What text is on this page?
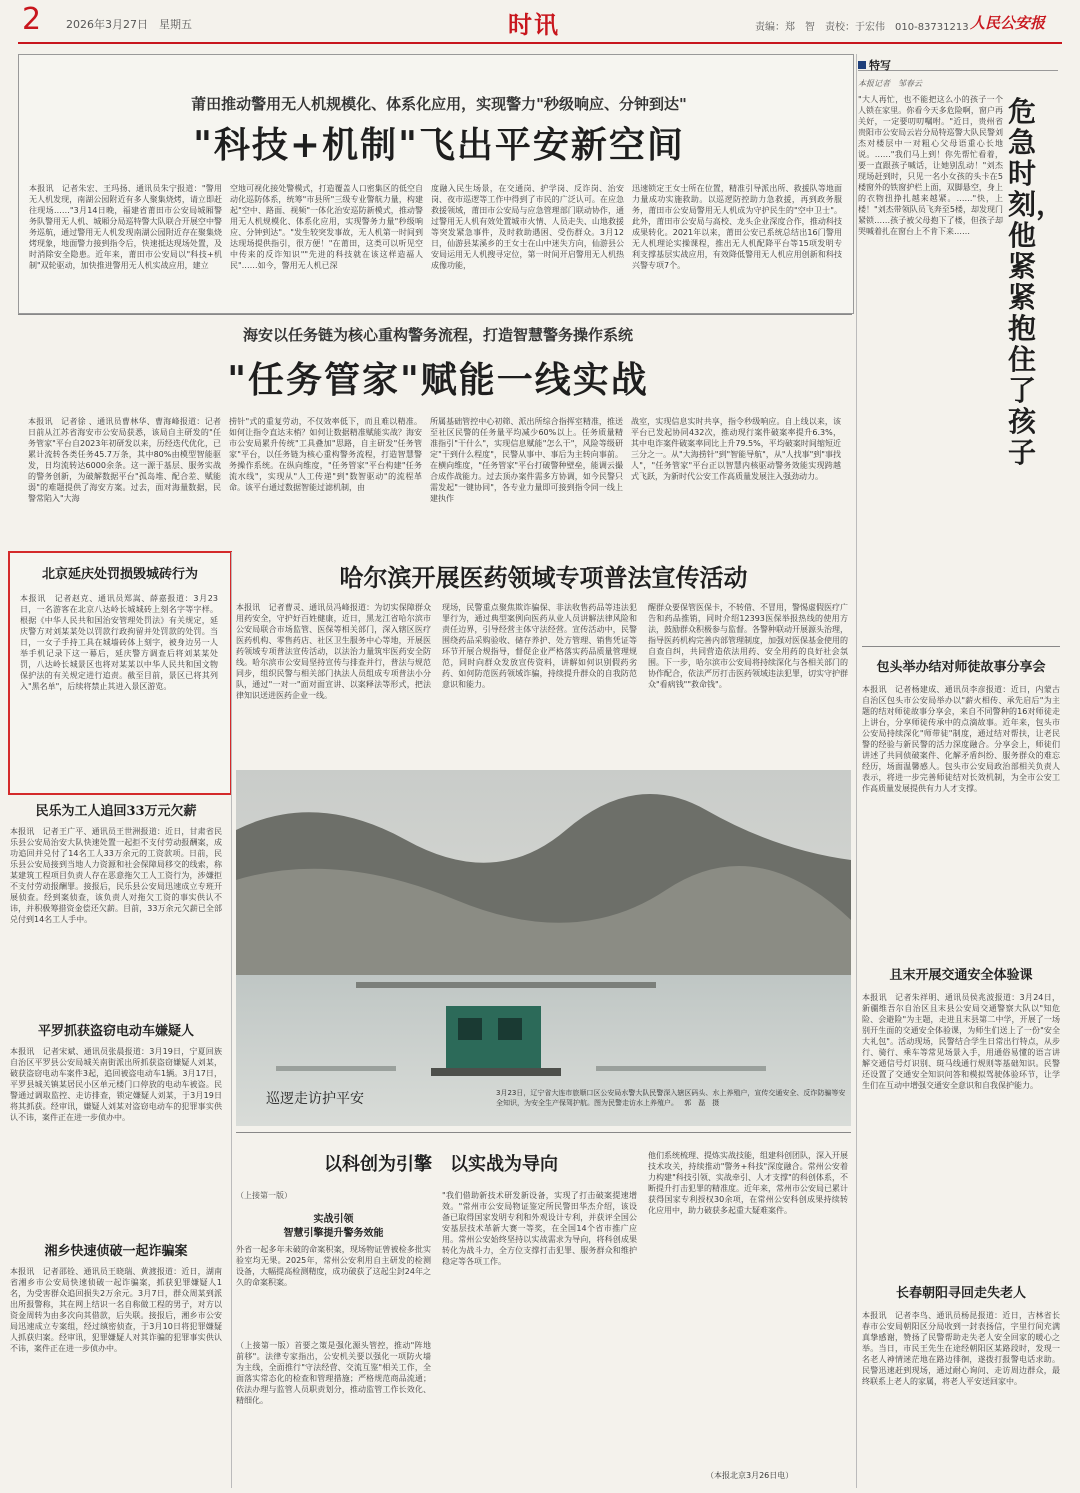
2 2026年3月27日　星期五	时讯	责编：郑　智　责校：于宏伟　010-83731213 人民公安报
莆田推动警用无人机规模化、体系化应用，实现警力"秒级响应、分钟到达"
"科技+机制"飞出平安新空间
本报讯　记者朱宏、王玛扬、通讯员朱宁报道："警用无人机发现，南湖公园附近有多人聚集烧烤，请立即赶往现场……"3月14日晚，福建省莆田市公安局城厢警务队警用无人机、城厢分局巡特警大队联合开展空中警务巡航，通过警用无人机发现南湖公园附近存在聚集烧烤现象，地面警力接到指令后，快速抵达现场处置，及时消除安全隐患。近年来，莆田市公安局以"科技+机制"双轮驱动，加快推进警用无人机实战应用，建立
空地可视化接处警模式，打造覆盖人口密集区的低空自动化巡防体系，统筹"市县所"三级专业警航力量，构建起"空中、路面、视频"一体化治安巡防新模式，推动警用无人机规模化、体系化应用，实现警务力量"秒级响应、分钟到达"。"发生较突发事故，无人机第一时间到达现场提供指引，很方便！"在莆田，这类可以听见空中传来的反诈知识""先进的科技就在该这样造福人民"……如今，警用无人机已深
度融入民生场景，在交通岗、护学岗、反诈岗、治安岗、夜市巡逻等工作中得到了市民的广泛认可。在应急救援领域，莆田市公安局与应急管理部门联动协作，通过警用无人机有效处置城市火情、人员走失、山地救援等突发紧急事件，及时救助遇困、受伤群众。3月12日，仙游县某溪乡的王女士在山中迷失方向，仙游县公安局运用无人机搜寻定位，第一时间开启警用无人机热成像功能，
迅速锁定王女士所在位置，精准引导派出所、救援队等地面力量成功实施救助。以巡逻防控助力急救援，再到政务服务，莆田市公安局警用无人机成为守护民生的"空中卫士"。此外，莆田市公安局与高校、龙头企业深度合作，推动科技成果转化。2021年以来，莆田公安已系统总结出16门警用无人机理论实操课程，推出无人机配降平台等15项发明专利支撑基层实战应用，有效降低警用无人机应用创新和科技兴警专项7个。
海安以任务链为核心重构警务流程，打造智慧警务操作系统
"任务管家"赋能一线实战
本报讯　记者徐 、通讯员曹林华、曹海峰报道：记者日前从江苏省海安市公安局获悉，该局自主研发的"任务管家"平台自2023年初研发以来，历经迭代优化，已累计流转各类任务45.7万条，其中80%由模型智能驱发，日均流转达6000余条。这一源于基层、服务实战的警务创新，为破解数据平台"孤岛堆、配合差、赋能弱"的难题提供了海安方案。过去，面对海量数据，民警常陷入"大海
捞针"式的重复劳动，不仅效率低下，而且难以精准。如何让指令直达末梢？如何让数据精准赋能实战？海安市公安局累升传统"工具叠加"思路，自主研发"任务管家"平台，以任务链为核心重构警务流程，打造智慧警务操作系统。在纵向维度，"任务管家"平台构建"任务流水线"，实现从"人工传递"到"数智驱动"的流程革命。该平台通过数据智能过滤机制，由
所属基础管控中心初筛、派出所综合指挥室精准，推送至社区民警的任务量平均减少60%以上。任务质量精准指引"干什么"，实现信息赋能"怎么干"，风险等级研定"干到什么程度"，民警从事中、事后为主转向事前。在横向维度，"任务管家"平台打破警种壁垒，能调云撮合成作战能力。过去顶办案件需多方协调，如今民警只需发起"一键协同"，各专业力量即可接到指令同一线上建执作
战室，实现信息实时共享，指令秒级响应。自上线以来，该平台已发起协同432次，推动现行案件破案率提升6.3%，其中电诈案件破案率同比上升79.5%，平均破案时间缩短近三分之一。从"大海捞针"到"智能导航"，从"人找事"到"事找人"，"任务管家"平台正以智慧内核驱动警务效能实现跨越式飞跃，为新时代公安工作高质量发展注入强劲动力。
特写
本报记者　邹春云
"大人再忙，也不能把这么小的孩子一个人锁在家里。你看今天多危险啊，窗户再关好，一定要叨叨嘱咐。"近日，贵州省贵阳市公安局云岩分局特巡警大队民警刘杰对楼层中一对粗心父母语重心长地说。……"我们马上到！你先帮忙看着，要一直跟孩子喊话，让她别乱动！"刘杰现场赶到时，只见一名小女孩的头卡在5楼窗外的铁窗护栏上面，双脚悬空，身上的衣物扭挣扎越来越紧。……"快，上楼！"刘杰带领队员飞奔至5楼，却发现门紧锁……孩子被父母抱下了楼，但孩子却哭喊着扎在窗台上不肯下来……
危急时刻，他紧紧抱住了孩子
北京延庆处罚损毁城砖行为
本报讯　记者赵克、通讯员郑嵩、薛嘉报道：3月23日，一名游客在北京八达岭长城城砖上刻名字等字样。根据《中华人民共和国治安管理处罚法》有关规定，延庆警方对刘某某处以罚款行政拘留并处罚款的处罚。当日，一女子手持工具在城墙砖体上刻字，被身边另一人举手机记录下这一幕后，延庆警方调查后将刘某某处罚，八达岭长城景区也将对某某以中华人民共和国文物保护法的有关规定进行追责。截至目前，景区已将其列入"黑名单"，后续将禁止其进入景区游览。
民乐为工人追回33万元欠薪
本报讯　记者王广平、通讯员王世洲报道：近日，甘肃省民乐县公安局治安大队快速处置一起拒不支付劳动报酬案，成功追回并兑付了14名工人33万余元的工资款项。日前，民乐县公安局接到当地人力资源和社会保障局移交的线索，称某建筑工程项目负责人存在恶意拖欠工人工资行为，涉嫌拒不支付劳动报酬罪。接报后，民乐县公安局迅速成立专班开展侦查。经到案侦查，该负责人对拖欠工资的事实供认不讳，并积极筹措资金偿还欠薪。目前，33万余元欠薪已全部兑付到14名工人手中。
平罗抓获盗窃电动车嫌疑人
本报讯　记者宋斌、通讯员张晨报道：3月19日，宁夏回族自治区平罗县公安局城关南街派出所抓获盗窃嫌疑人刘某，破获盗窃电动车案件3起，追回被盗电动车1辆。3月17日，平罗县城关镇某居民小区单元楼门口停放的电动车被盗。民警通过调取监控、走访排查，锁定嫌疑人刘某，于3月19日将其抓获。经审讯，嫌疑人刘某对盗窃电动车的犯罪事实供认不讳，案件正在进一步侦办中。
湘乡快速侦破一起诈骗案
本报讯　记者邵铨、通讯员王晓瑞、黄渡报道：近日，湖南省湘乡市公安局快速侦破一起诈骗案，抓获犯罪嫌疑人1名，为受害群众追回损失2万余元。3月7日，群众周某到派出所报警称，其在网上结识一名自称做工程的男子，对方以资金周转为由多次向其借款，后失联。接报后，湘乡市公安局迅速成立专案组，经过缜密侦查，于3月10日将犯罪嫌疑人抓获归案。经审讯，犯罪嫌疑人对其诈骗的犯罪事实供认不讳，案件正在进一步侦办中。
哈尔滨开展医药领域专项普法宣传活动
本报讯　记者曹灵、通讯员冯峰报道：为切实保障群众用药安全，守护好百姓健康，近日，黑龙江省哈尔滨市公安局联合市场监管、医保等相关部门，深入辖区医疗医药机构、零售药店、社区卫生服务中心等地，开展医药领域专项普法宣传活动，以法治力量筑牢医药安全防线。哈尔滨市公安局坚持宣传与排查并行，普法与规范同步，组织民警与相关部门执法人员组成专项普法小分队，通过"一对一"面对面宣讲、以案释法等形式，把法律知识送进医药企业一线。
现场，民警重点聚焦欺诈骗保、非法收售药品等违法犯罪行为，通过典型案例向医药从业人员讲解法律风险和责任边界，引导经营主体守法经营。宣传活动中，民警围绕药品采购验收、储存养护、处方管理、销售凭证等环节开展合规指导，督促企业严格落实药品质量管理规范，同时向群众发放宣传资料，讲解如何识别假药劣药、如何防范医药领域诈骗，持续提升群众的自我防范意识和能力。
醒群众要保管医保卡，不转借、不冒用，警惕虚假医疗广告和药品推销，同时介绍12393医保举报热线的使用方法，鼓励群众积极参与监督。各警种联动开展源头治理，指导医药机构完善内部管理制度，加强对医保基金使用的自查自纠，共同营造依法用药、安全用药的良好社会氛围。下一步，哈尔滨市公安局将持续深化与各相关部门的协作配合，依法严厉打击医药领域违法犯罪，切实守护群众"看病钱""救命钱"。
巡逻走访护平安	3月23日，辽宁省大连市旅顺口区公安局水警大队民警深入辖区码头、水上养殖户，宣传交通安全、反诈防骗等安全知识，为安全生产保驾护航。图为民警走访水上养殖户。 郭　磊　摄
以科创为引擎　以实战为导向
（上接第一版）
实战引领
智慧引擎提升警务效能
外省一起多年未破的命案积案，现场物证曾被检多批实验室均无果。2025年，常州公安利用自主研发的检测设备，大幅提高检测精度，成功破获了这起尘封24年之久的命案积案。
（上接第一版）首要之策是强化源头管控，推动"阵地前移"。法律专家指出，公安机关要以强化一项防火墙为主线，全面推行"守法经营、交流互鉴"相关工作，全面落实常态化的检查和管理措施；严格规范商品流通；依法办理与监管人员职责划分，推动监管工作长效化、精细化。
"我们借助新技术研发新设备，实现了打击破案提速增效。"常州市公安局物证鉴定所民警田华杰介绍，该设备已取得国家发明专利和外观设计专利，并获评全国公安基层技术革新大赛一等奖，在全国14个省市推广应用。常州公安始终坚持以实战需求为导向，将科创成果转化为战斗力，全方位支撑打击犯罪、服务群众和维护稳定等各项工作。
他们系统梳理、提炼实战技能，组建科创团队，深入开展技术攻关，持续推动"警务+科技"深度融合。常州公安着力构建"科技引领、实战牵引、人才支撑"的科创体系，不断提升打击犯罪的精准度。近年来，常州市公安局已累计获得国家专利授权30余项，在常州公安科创成果持续转化应用中，助力破获多起重大疑难案件。
（本报北京3月26日电）
包头举办结对师徒故事分享会
本报讯　记者杨建成、通讯员李彦报道：近日，内蒙古自治区包头市公安局举办以"薪火相传、承先启后"为主题的结对师徒故事分享会，来自不同警种的16对师徒走上讲台，分享师徒传承中的点滴故事。近年来，包头市公安局持续深化"师带徒"制度，通过结对帮扶，让老民警的经验与新民警的活力深度融合。分享会上，师徒们讲述了共同侦破案件、化解矛盾纠纷、服务群众的难忘经历，场面温馨感人。包头市公安局政治部相关负责人表示，将进一步完善师徒结对长效机制，为全市公安工作高质量发展提供有力人才支撑。
且末开展交通安全体验课
本报讯　记者朱祥明、通讯员侯兆波报道：3月24日，新疆维吾尔自治区且末县公安局交通警察大队以"知危险、会避险"为主题，走进且末县第二中学，开展了一场别开生面的交通安全体验课，为师生们送上了一份"安全大礼包"。活动现场，民警结合学生日常出行特点，从步行、骑行、乘车等常见场景入手，用通俗易懂的语言讲解交通信号灯识别、斑马线通行规则等基础知识。民警还设置了交通安全知识问答和模拟驾驶体验环节，让学生们在互动中增强交通安全意识和自我保护能力。
长春朝阳寻回走失老人
本报讯　记者李鸟、通讯员杨昆报道：近日，吉林省长春市公安局朝阳区分局收到一封表扬信，字里行间充满真挚感谢，赞扬了民警帮助走失老人安全回家的暖心之举。当日，市民王先生在途经朝阳区某路段时，发现一名老人神情迷茫地在路边徘徊，遂拨打报警电话求助。民警迅速赶到现场，通过耐心询问、走访周边群众，最终联系上老人的家属，将老人平安送回家中。
